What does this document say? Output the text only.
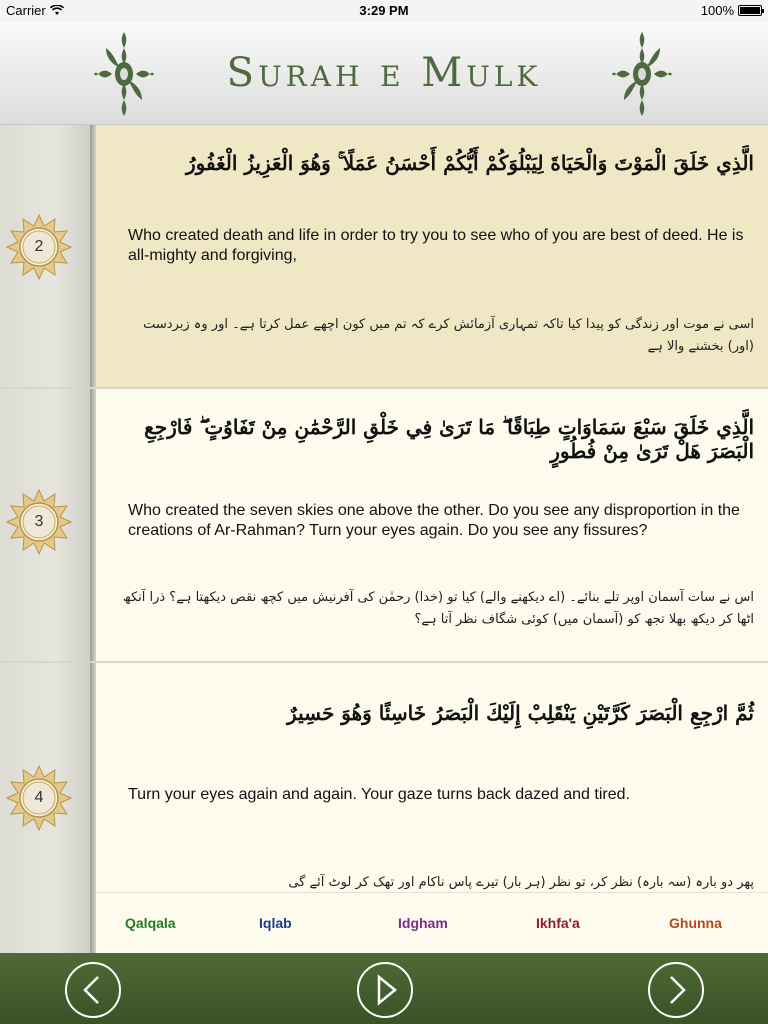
Carrier	3:29 PM	100%
Surah e Mulk
2
الَّذِي خَلَقَ الْمَوْتَ وَالْحَيَاةَ لِيَبْلُوَكُمْ أَيُّكُمْ أَحْسَنُ عَمَلًا ۚ وَهُوَ الْعَزِيزُ الْغَفُورُ
Who created death and life in order to try you to see who of you are best of deed. He is all-mighty and forgiving,
اسی نے موت اور زندگی کو پیدا کیا تاکہ تمہاری آزمائش کرے کہ تم میں کون اچھے عمل کرتا ہے۔ اور وہ زبردست (اور) بخشنے والا ہے
3
الَّذِي خَلَقَ سَبْعَ سَمَاوَاتٍ طِبَاقًا ۖ مَا تَرَىٰ فِي خَلْقِ الرَّحْمَٰنِ مِنْ تَفَاوُتٍ ۖ فَارْجِعِ الْبَصَرَ هَلْ تَرَىٰ مِنْ فُطُورٍ
Who created the seven skies one above the other. Do you see any disproportion in the creations of Ar-Rahman? Turn your eyes again. Do you see any fissures?
اس نے سات آسمان اوپر تلے بنائے۔ (اے دیکھنے والے) کیا تو (خدا) رحمٰن کی آفرنیش میں کچھ نقص دیکھتا ہے؟ ذرا آنکھ اٹھا کر دیکھ بھلا تجھ کو (آسمان میں) کوئی شگاف نظر آتا ہے؟
4
ثُمَّ ارْجِعِ الْبَصَرَ كَرَّتَيْنِ يَنْقَلِبْ إِلَيْكَ الْبَصَرُ خَاسِئًا وَهُوَ حَسِيرٌ
Turn your eyes again and again. Your gaze turns back dazed and tired.
پھر دو بارہ (سہ بارہ) نظر کر، تو نظر (ہر بار) تیرے پاس ناکام اور تھک کر لوٹ آئے گی
Qalqala	Iqlab	Idgham	Ikhfa'a	Ghunna
